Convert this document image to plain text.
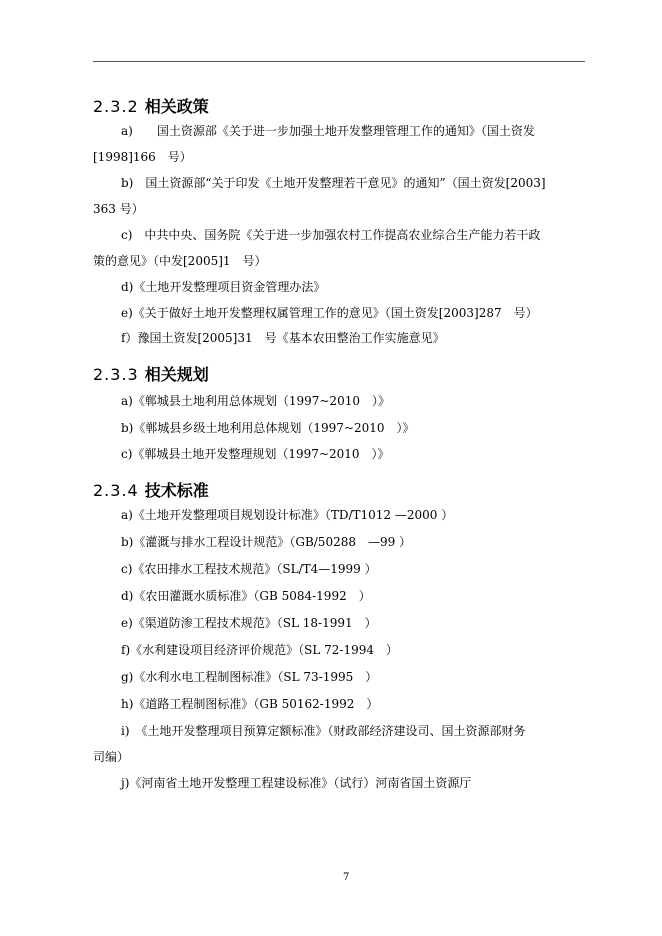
2.3.2 相关政策
a)　　国土资源部《关于进一步加强土地开发整理管理工作的通知》（国土资发
[1998]166　号）
b)　国土资源部“关于印发《土地开发整理若干意见》的通知”（国土资发[2003]
363 号）
c)　中共中央、国务院《关于进一步加强农村工作提高农业综合生产能力若干政
策的意见》（中发[2005]1　号）
d)《土地开发整理项目资金管理办法》
e)《关于做好土地开发整理权属管理工作的意见》（国土资发[2003]287　号）
f）豫国土资发[2005]31　号《基本农田整治工作实施意见》
2.3.3 相关规划
a)《郸城县土地利用总体规划（1997~2010　）》
b)《郸城县乡级土地利用总体规划（1997~2010　）》
c)《郸城县土地开发整理规划（1997~2010　）》
2.3.4 技术标准
a)《土地开发整理项目规划设计标准》（TD/T1012 —2000 ）
b)《灌溉与排水工程设计规范》（GB/50288　—99 ）
c)《农田排水工程技术规范》（SL/T4—1999 ）
d)《农田灌溉水质标准》（GB 5084-1992　）
e)《渠道防渗工程技术规范》（SL 18-1991　）
f)《水利建设项目经济评价规范》（SL 72-1994　）
g)《水利水电工程制图标准》（SL 73-1995　）
h)《道路工程制图标准》（GB 50162-1992　）
i)　《土地开发整理项目预算定额标准》（财政部经济建设司、国土资源部财务
司编）
j)《河南省土地开发整理工程建设标准》（试行）河南省国土资源厅
7
